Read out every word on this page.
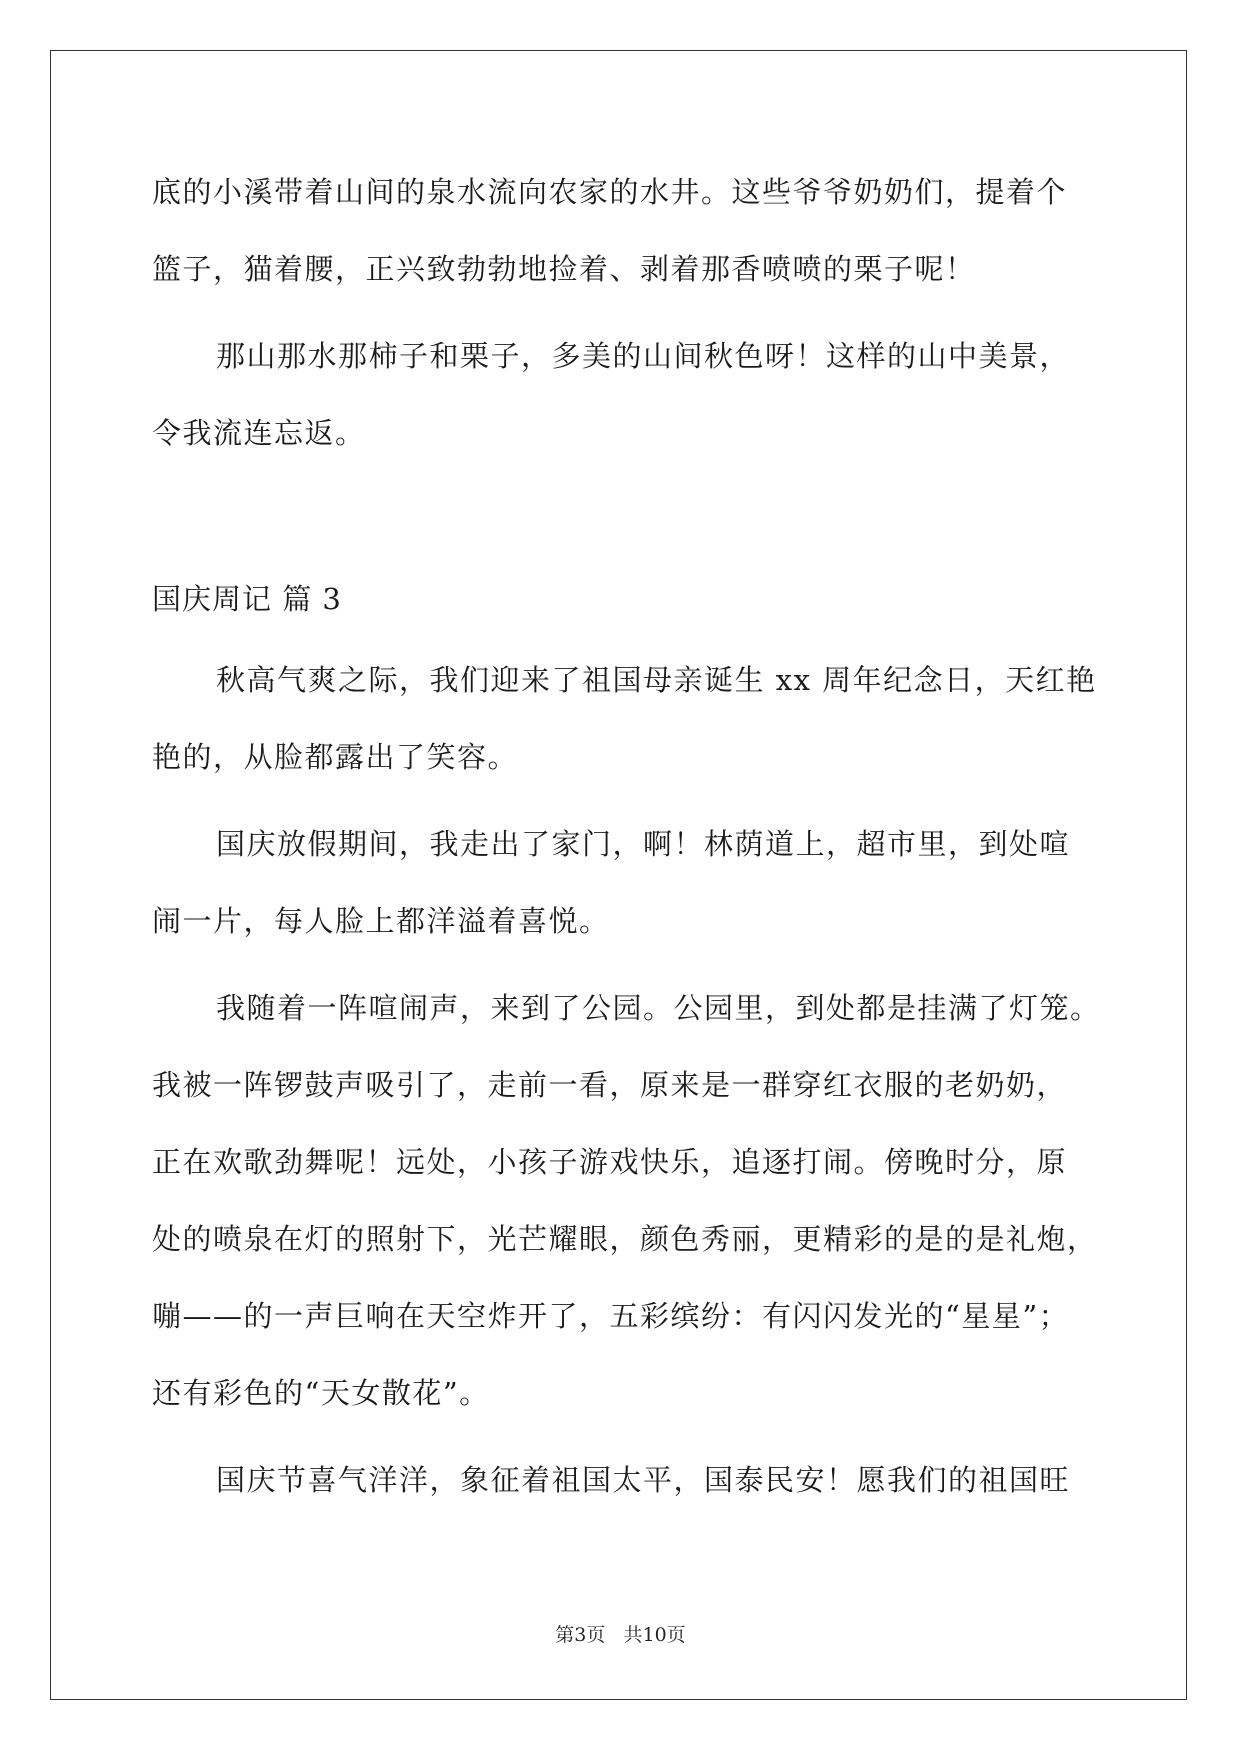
底的小溪带着山间的泉水流向农家的水井。这些爷爷奶奶们，提着个
篮子，猫着腰，正兴致勃勃地捡着、剥着那香喷喷的栗子呢！
那山那水那柿子和栗子，多美的山间秋色呀！这样的山中美景，
令我流连忘返。
国庆周记 篇 3
秋高气爽之际，我们迎来了祖国母亲诞生 xx 周年纪念日，天红艳
艳的，从脸都露出了笑容。
国庆放假期间，我走出了家门，啊！林荫道上，超市里，到处喧
闹一片，每人脸上都洋溢着喜悦。
我随着一阵喧闹声，来到了公园。公园里，到处都是挂满了灯笼。
我被一阵锣鼓声吸引了，走前一看，原来是一群穿红衣服的老奶奶，
正在欢歌劲舞呢！远处，小孩子游戏快乐，追逐打闹。傍晚时分，原
处的喷泉在灯的照射下，光芒耀眼，颜色秀丽，更精彩的是的是礼炮，
嘣——的一声巨响在天空炸开了，五彩缤纷：有闪闪发光的“星星”；
还有彩色的“天女散花”。
国庆节喜气洋洋，象征着祖国太平，国泰民安！愿我们的祖国旺
第3页   共10页
